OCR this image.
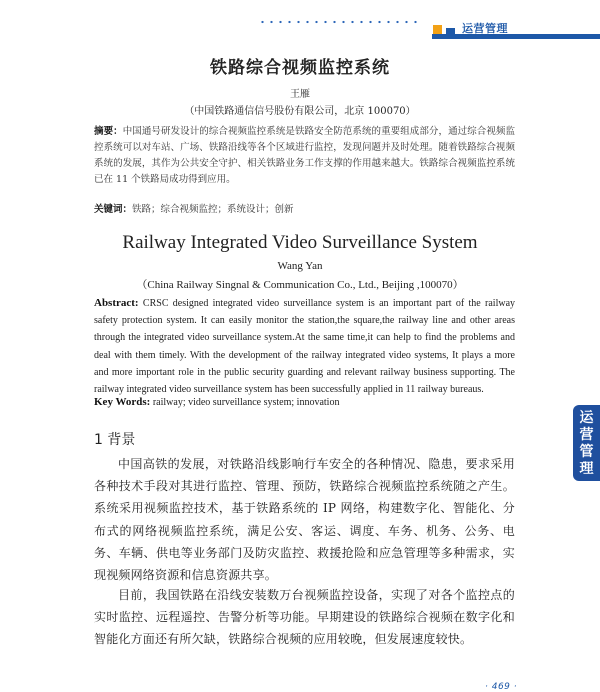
运营管理
运
营
管
理
铁路综合视频监控系统
王雁
（中国铁路通信信号股份有限公司，北京 100070）
摘要：中国通号研发设计的综合视频监控系统是铁路安全防范系统的重要组成部分，通过综合视频监控系统可以对车站、广场、铁路沿线等各个区域进行监控，发现问题并及时处理。随着铁路综合视频系统的发展，其作为公共安全守护、相关铁路业务工作支撑的作用越来越大。铁路综合视频监控系统已在 11 个铁路局成功得到应用。
关键词：铁路；综合视频监控；系统设计；创新
Railway Integrated Video Surveillance System
Wang Yan
（China Railway Singnal & Communication Co., Ltd., Beijing ,100070）
Abstract: CRSC designed integrated video surveillance system is an important part of the railway safety protection system. It can easily monitor the station,the square,the railway line and other areas through the integrated video surveillance system.At the same time,it can help to find the problems and deal with them timely. With the development of the railway integrated video systems, It plays a more and more important role in the public security guarding and relevant railway business supporting. The railway integrated video surveillance system has been successfully applied in 11 railway bureaus.
Key Words: railway; video surveillance system; innovation
1 背景

中国高铁的发展，对铁路沿线影响行车安全的各种情况、隐患，要求采用各种技术手段对其进行监控、管理、预防，铁路综合视频监控系统随之产生。系统采用视频监控技术，基于铁路系统的 IP 网络，构建数字化、智能化、分布式的网络视频监控系统，满足公安、客运、调度、车务、机务、公务、电务、车辆、供电等业务部门及防灾监控、救援抢险和应急管理等多种需求，实现视频网络资源和信息资源共享。

目前，我国铁路在沿线安装数万台视频监控设备，实现了对各个监控点的实时监控、远程遥控、告警分析等功能。早期建设的铁路综合视频在数字化和智能化方面还有所欠缺，铁路综合视频的应用较晚，但发展速度较快。

· 469 ·
